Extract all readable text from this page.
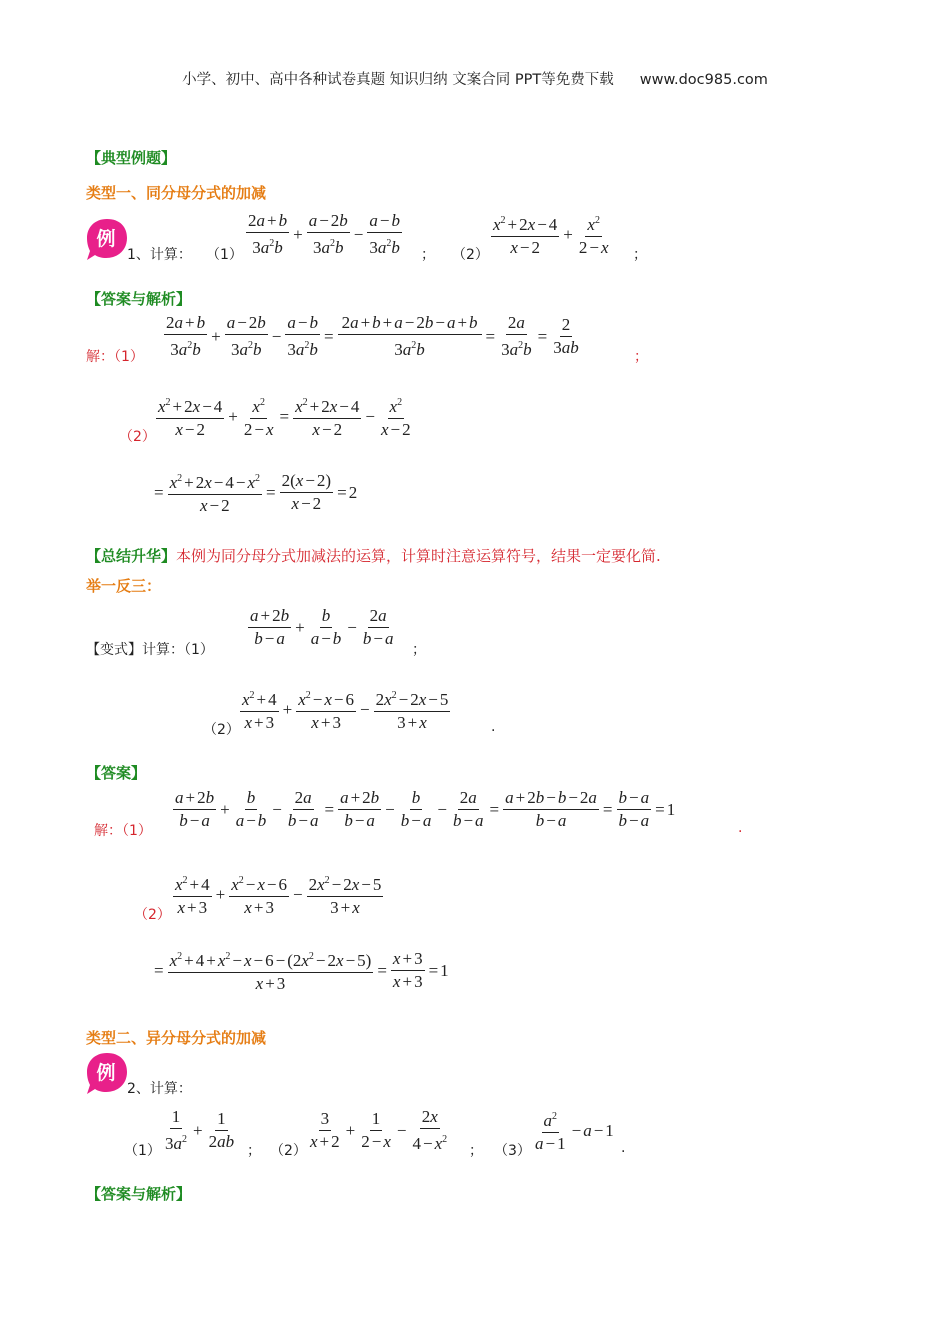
小学、初中、高中各种试卷真题 知识归纳 文案合同 PPT等免费下载 www.doc985.com
【典型例题】
类型一、同分母分式的加减
例
1、计算： （1）
2a + b
$3a^2b$
+ $\frac{a - 2b}{3a^2b} - \frac{a - b}{3a^2b}$ ； （2）
$x^2 + 2x - 4$
x − 2
+ $\frac{x^2}{2 - x}$ ；
【答案与解析】
解：（1）
2a + b
$3a^2b$
+ $\frac{a - 2b}{3a^2b} - \frac{a - b}{3a^2b} = \frac{2a + b + a - 2b - a + b}{3a^2b} = \frac{2a}{3a^2b} = \frac{2}{3ab}$	；
（2）
$x^2 + 2x - 4$
x − 2
+ $\frac{x^2}{2 - x} = \frac{x^2 + 2x - 4}{x - 2} - \frac{x^2}{x - 2}$
= $\frac{x^2 + 2x - 4 - x^2}{x - 2} = \frac{2(x - 2)}{x - 2} = 2$
【总结升华】本例为同分母分式加减法的运算，计算时注意运算符号，结果一定要化简.
举一反三：
【变式】计算：（1）
a + 2b
b − a
+ $\frac{b}{a - b} - \frac{2a}{b - a}$ ；
（2）
$x^2 + 4$
x + 3
+ $\frac{x^2 - x - 6}{x + 3} - \frac{2x^2 - 2x - 5}{3 + x}$	.
【答案】
解：（1）
a + 2b
b − a
+ $\frac{b}{a - b} - \frac{2a}{b - a} = \frac{a + 2b}{b - a} - \frac{b}{b - a} - \frac{2a}{b - a} = \frac{a + 2b - b - 2a}{b - a} = \frac{b - a}{b - a} = 1$
.
（2）
$x^2 + 4$
x + 3
+ $\frac{x^2 - x - 6}{x + 3} - \frac{2x^2 - 2x - 5}{3 + x}$
= $\frac{x^2 + 4 + x^2 - x - 6 - (2x^2 - 2x - 5)}{x + 3} = \frac{x + 3}{x + 3} = 1$
类型二、异分母分式的加减
例
2、计算：
（1）
1
$3a^2 + \frac{1}{2ab}$ ； （2）
3
x + 2
+ $\frac{1}{2 - x} - \frac{2x}{4 - x^2}$ ； （3）
$a^2$
a − 1
− a − 1
.
【答案与解析】
